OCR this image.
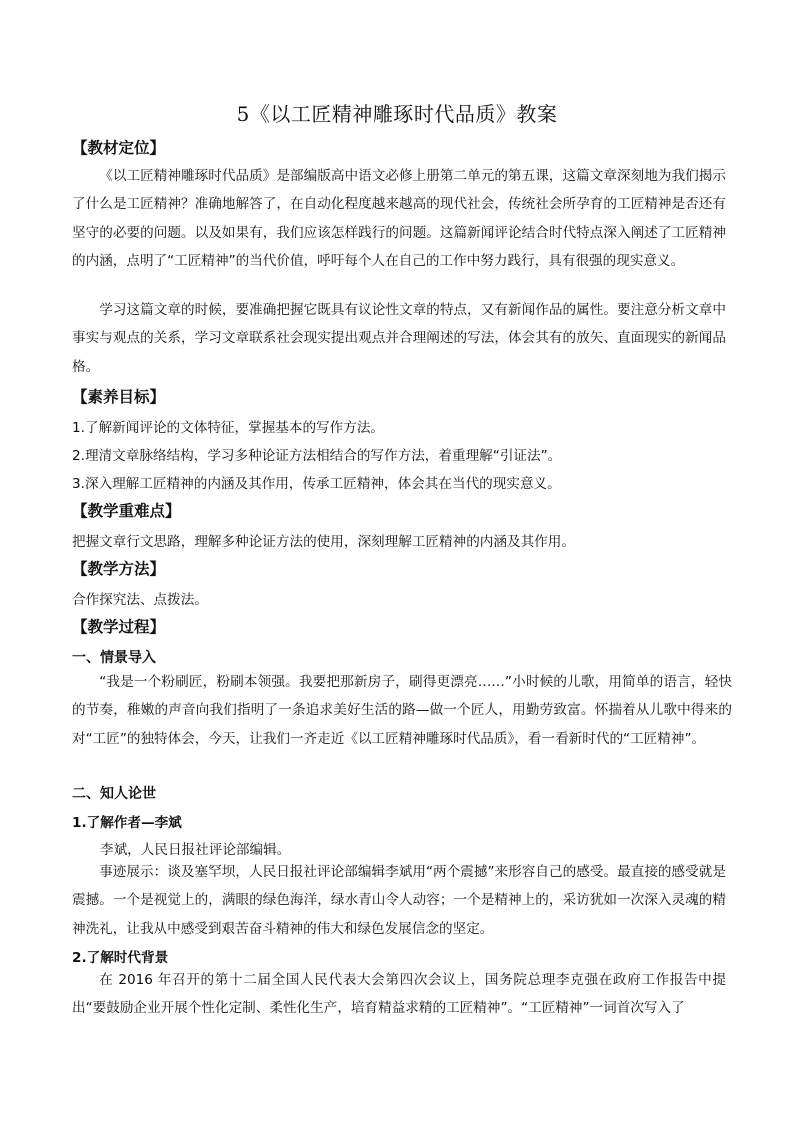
5《以工匠精神雕琢时代品质》教案
【教材定位】
《以工匠精神雕琢时代品质》是部编版高中语文必修上册第二单元的第五课，这篇文章深刻地为我们揭示了什么是工匠精神？准确地解答了，在自动化程度越来越高的现代社会，传统社会所孕育的工匠精神是否还有坚守的必要的问题。以及如果有，我们应该怎样践行的问题。这篇新闻评论结合时代特点深入阐述了工匠精神的内涵，点明了“工匠精神”的当代价值，呼吁每个人在自己的工作中努力践行，具有很强的现实意义。
学习这篇文章的时候，要准确把握它既具有议论性文章的特点，又有新闻作品的属性。要注意分析文章中事实与观点的关系，学习文章联系社会现实提出观点并合理阐述的写法，体会其有的放矢、直面现实的新闻品格。
【素养目标】
1.了解新闻评论的文体特征，掌握基本的写作方法。
2.理清文章脉络结构，学习多种论证方法相结合的写作方法，着重理解“引证法”。
3.深入理解工匠精神的内涵及其作用，传承工匠精神，体会其在当代的现实意义。
【教学重难点】
把握文章行文思路，理解多种论证方法的使用，深刻理解工匠精神的内涵及其作用。
【教学方法】
合作探究法、点拨法。
【教学过程】
一、情景导入
“我是一个粉刷匠，粉刷本领强。我要把那新房子，刷得更漂亮……”小时候的儿歌，用简单的语言，轻快的节奏，稚嫩的声音向我们指明了一条追求美好生活的路—做一个匠人，用勤劳致富。怀揣着从儿歌中得来的对“工匠”的独特体会，今天，让我们一齐走近《以工匠精神雕琢时代品质》，看一看新时代的“工匠精神”。
二、知人论世
1.了解作者—李斌
李斌，人民日报社评论部编辑。
事迹展示：谈及塞罕坝，人民日报社评论部编辑李斌用“两个震撼”来形容自己的感受。最直接的感受就是震撼。一个是视觉上的，满眼的绿色海洋，绿水青山令人动容；一个是精神上的，采访犹如一次深入灵魂的精神洗礼，让我从中感受到艰苦奋斗精神的伟大和绿色发展信念的坚定。
2.了解时代背景
在 2016 年召开的第十二届全国人民代表大会第四次会议上，国务院总理李克强在政府工作报告中提出“要鼓励企业开展个性化定制、柔性化生产，培育精益求精的工匠精神”。“工匠精神”一词首次写入了
